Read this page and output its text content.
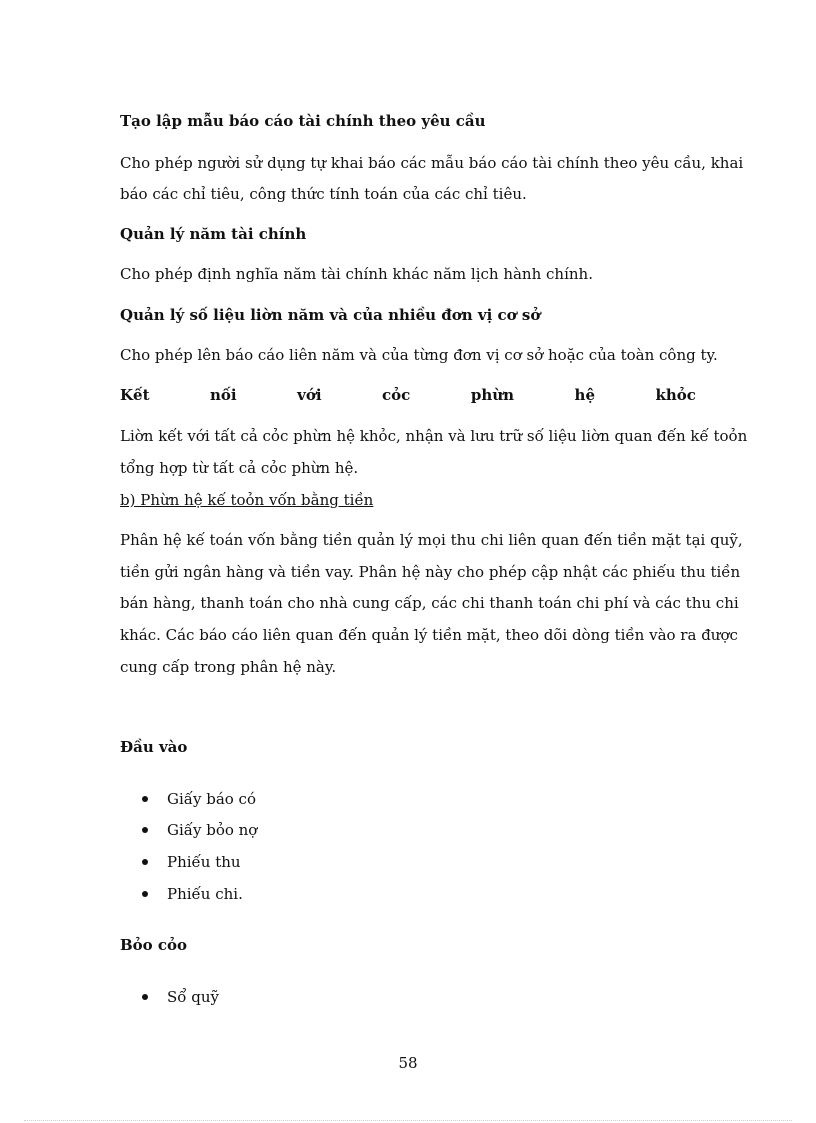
Tạo lập mẫu báo cáo tài chính theo yêu cầu
Cho phép người sử dụng tự khai báo các mẫu báo cáo tài chính theo yêu cầu, khai
báo các chỉ tiêu, công thức tính toán của các chỉ tiêu.
Quản lý năm tài chính
Cho phép định nghĩa năm tài chính khác năm lịch hành chính.
Quản lý số liệu liờn năm và của nhiều đơn vị cơ sở
Cho phép lên báo cáo liên năm và của từng đơn vị cơ sở hoặc của toàn công ty.
Kết	nối	với	cỏc	phừn	hệ	khỏc
Liờn kết với tất cả cỏc phừn hệ khỏc, nhận và lưu trữ số liệu liờn quan đến kế toỏn
tổng hợp từ tất cả cỏc phừn hệ.
b) Phừn hệ kế toỏn vốn bằng tiền
Phân hệ kế toán vốn bằng tiền quản lý mọi thu chi liên quan đến tiền mặt tại quỹ,
tiền gửi ngân hàng và tiền vay. Phân hệ này cho phép cập nhật các phiếu thu tiền
bán hàng, thanh toán cho nhà cung cấp, các chi thanh toán chi phí và các thu chi
khác. Các báo cáo liên quan đến quản lý tiền mặt, theo dõi dòng tiền vào ra được
cung cấp trong phân hệ này.
Đầu vào
Giấy báo có
Giấy bỏo nợ
Phiếu thu
Phiếu chi.
Bỏo cỏo
Sổ quỹ
58
